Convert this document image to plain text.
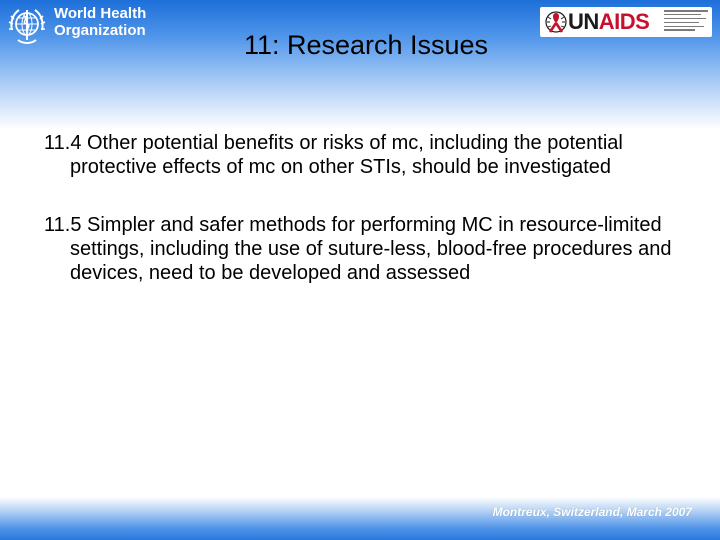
World Health
Organization	UNAIDS
11: Research Issues

11.4 Other potential benefits or risks of mc, including the potential protective effects of mc on other STIs, should be investigated

11.5 Simpler and safer methods for performing MC in resource-limited settings, including the use of suture-less, blood-free procedures and devices, need to be developed and assessed

Montreux, Switzerland, March 2007
